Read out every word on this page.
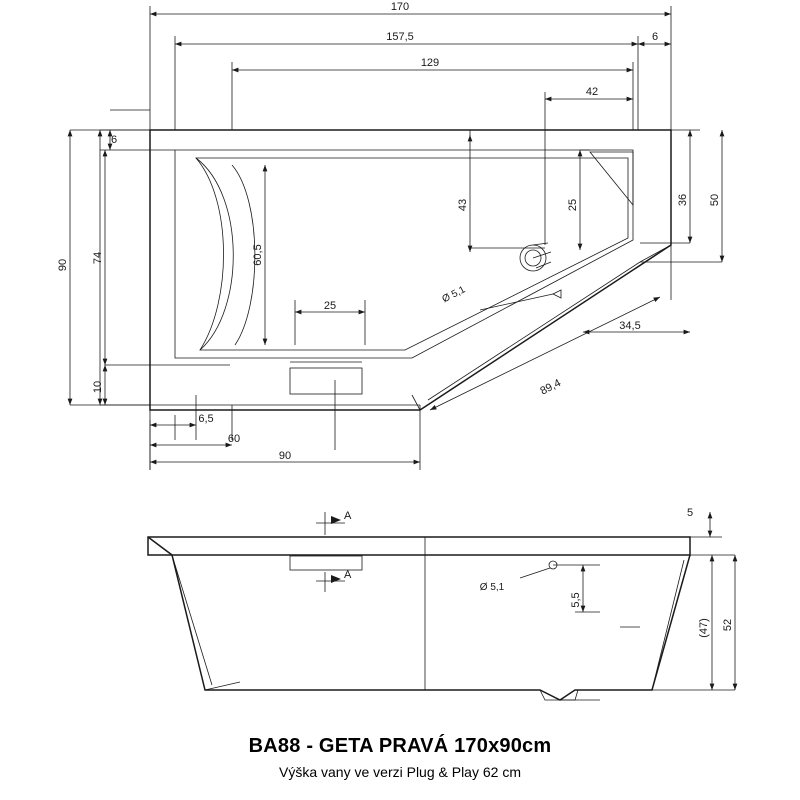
170
157,5	6
129
42
6
43	25	36 50
90
74	60,5
10
25
6,5
60
90
34,5
89,4
Ø 5,1
A
A
Ø 5,1
5
5,5
(47) 52
BA88 - GETA PRAVÁ 170x90cm
Výška vany ve verzi Plug & Play 62 cm
